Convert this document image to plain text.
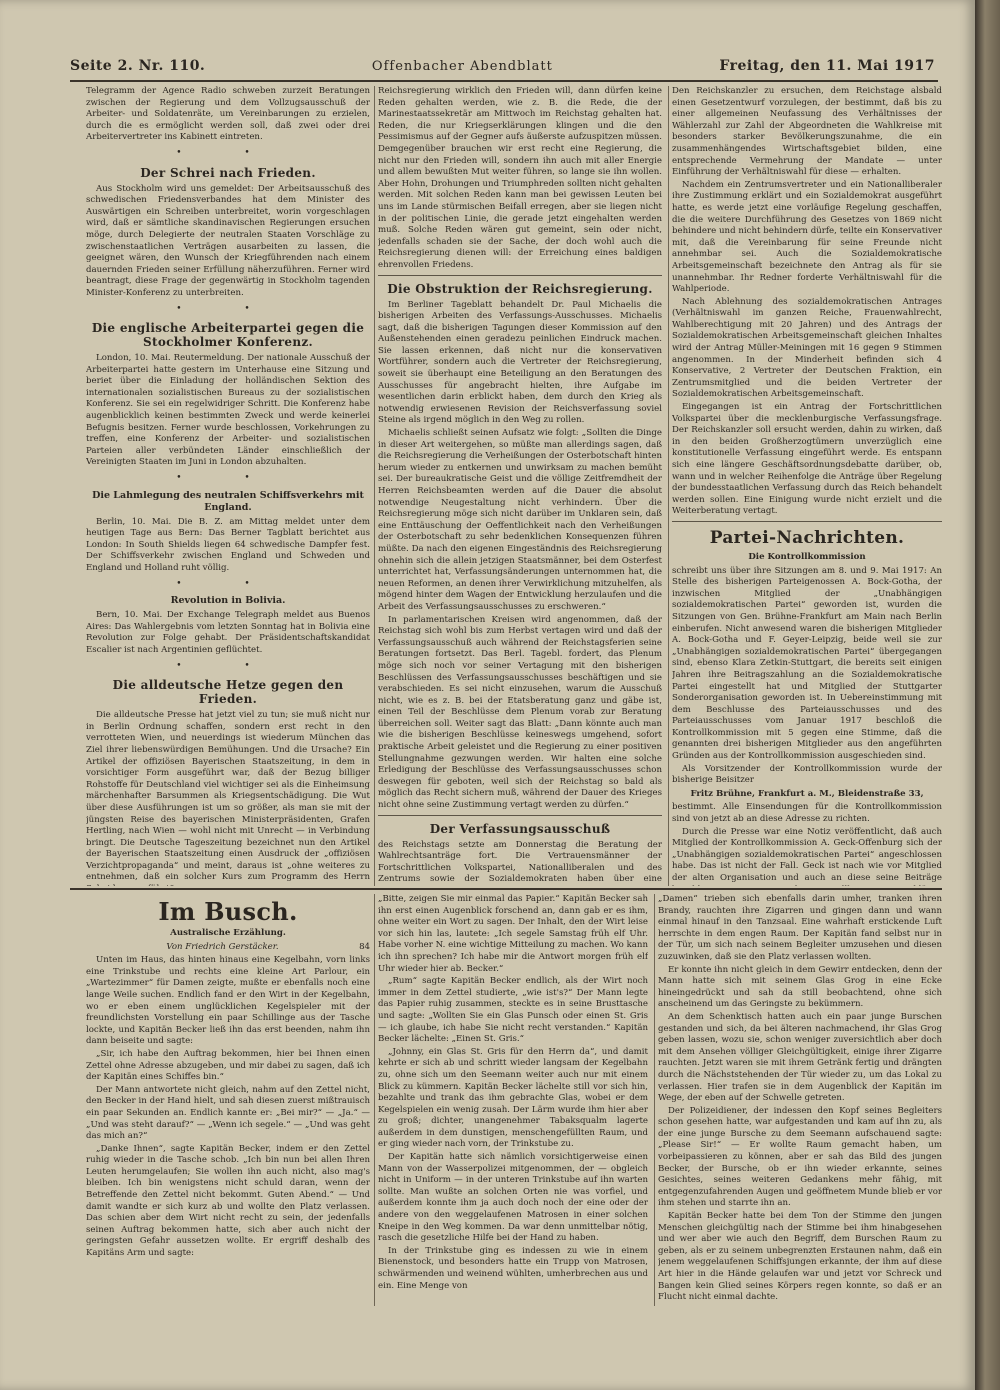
Seite 2. Nr. 110.	Offenbacher Abendblatt	Freitag, den 11. Mai 1917

Telegramm der Agence Radio schweben zurzeit Beratungen zwischen der Regierung und dem Vollzugsausschuß der Arbeiter- und Soldatenräte, um Vereinbarungen zu erzielen, durch die es ermöglicht werden soll, daß zwei oder drei Arbeitervertreter ins Kabinett eintreten.

• •
Der Schrei nach Frieden.

Aus Stockholm wird uns gemeldet: Der Arbeitsausschuß des schwedischen Friedensverbandes hat dem Minister des Auswärtigen ein Schreiben unterbreitet, worin vorgeschlagen wird, daß er sämtliche skandinavischen Regierungen ersuchen möge, durch Delegierte der neutralen Staaten Vorschläge zu zwischenstaatlichen Verträgen ausarbeiten zu lassen, die geeignet wären, den Wunsch der Kriegführenden nach einem dauernden Frieden seiner Erfüllung näherzuführen. Ferner wird beantragt, diese Frage der gegenwärtig in Stockholm tagenden Minister-Konferenz zu unterbreiten.

• •
Die englische Arbeiterpartei gegen die Stockholmer Konferenz.

London, 10. Mai. Reutermeldung. Der nationale Ausschuß der Arbeiterpartei hatte gestern im Unterhause eine Sitzung und beriet über die Einladung der holländischen Sektion des internationalen sozialistischen Bureaus zu der sozialistischen Konferenz. Sie sei ein regelwidriger Schritt. Die Konferenz habe augenblicklich keinen bestimmten Zweck und werde keinerlei Befugnis besitzen. Ferner wurde beschlossen, Vorkehrungen zu treffen, eine Konferenz der Arbeiter- und sozialistischen Parteien aller verbündeten Länder einschließlich der Vereinigten Staaten im Juni in London abzuhalten.

• •
Die Lahmlegung des neutralen Schiffsverkehrs mit England.

Berlin, 10. Mai. Die B. Z. am Mittag meldet unter dem heutigen Tage aus Bern: Das Berner Tagblatt berichtet aus London: In South Shields liegen 64 schwedische Dampfer fest. Der Schiffsverkehr zwischen England und Schweden und England und Holland ruht völlig.

• •
Revolution in Bolivia.

Bern, 10. Mai. Der Exchange Telegraph meldet aus Buenos Aires: Das Wahlergebnis vom letzten Sonntag hat in Bolivia eine Revolution zur Folge gehabt. Der Präsidentschaftskandidat Escalier ist nach Argentinien geflüchtet.

• •
Die alldeutsche Hetze gegen den Frieden.

Die alldeutsche Presse hat jetzt viel zu tun; sie muß nicht nur in Berlin Ordnung schaffen, sondern erst recht in den verrotteten Wien, und neuerdings ist wiederum München das Ziel ihrer liebenswürdigen Bemühungen. Und die Ursache? Ein Artikel der offiziösen Bayerischen Staatszeitung, in dem in vorsichtiger Form ausgeführt war, daß der Bezug billiger Rohstoffe für Deutschland viel wichtiger sei als die Einheimsung märchenhafter Barsummen als Kriegsentschädigung. Die Wut über diese Ausführungen ist um so größer, als man sie mit der jüngsten Reise des bayerischen Ministerpräsidenten, Grafen Hertling, nach Wien — wohl nicht mit Unrecht — in Verbindung bringt. Die Deutsche Tageszeitung bezeichnet nun den Artikel der Bayerischen Staatszeitung einen Ausdruck der „offiziösen Verzichtpropaganda“ und meint, daraus ist „ohne weiteres zu entnehmen, daß ein solcher Kurs zum Programm des Herrn

Reichsregierung wirklich den Frieden will, dann dürfen keine Reden gehalten werden, wie z. B. die Rede, die der Marinestaatssekretär am Mittwoch im Reichstag gehalten hat. Reden, die nur Kriegserklärungen klingen und die den Pessimismus auf der Gegner aufs äußerste aufzuspitzen müssen. Demgegenüber brauchen wir erst recht eine Regierung, die nicht nur den Frieden will, sondern ihn auch mit aller Energie und allem bewußten Mut weiter führen, so lange sie ihn wollen. Aber Hohn, Drohungen und Triumphreden sollten nicht gehalten werden. Mit solchen Reden kann man bei gewissen Leuten bei uns im Lande stürmischen Beifall erregen, aber sie liegen nicht in der politischen Linie, die gerade jetzt eingehalten werden muß. Solche Reden wären gut gemeint, sein oder nicht, jedenfalls schaden sie der Sache, der doch wohl auch die Reichsregierung dienen will: der Erreichung eines baldigen ehrenvollen Friedens.

Die Obstruktion der Reichsregierung.

Im Berliner Tageblatt behandelt Dr. Paul Michaelis die bisherigen Arbeiten des Verfassungs-Ausschusses. Michaelis sagt, daß die bisherigen Tagungen dieser Kommission auf den Außenstehenden einen geradezu peinlichen Eindruck machen. Sie lassen erkennen, daß nicht nur die konservativen Wortführer, sondern auch die Vertreter der Reichsregierung, soweit sie überhaupt eine Beteiligung an den Beratungen des Ausschusses für angebracht hielten, ihre Aufgabe im wesentlichen darin erblickt haben, dem durch den Krieg als notwendig erwiesenen Revision der Reichsverfassung soviel Steine als irgend möglich in den Weg zu rollen.

Michaelis schließt seinen Aufsatz wie folgt: „Sollten die Dinge in dieser Art weitergehen, so müßte man allerdings sagen, daß die Reichsregierung die Verheißungen der Osterbotschaft hinten herum wieder zu entkernen und unwirksam zu machen bemüht sei. Der bureaukratische Geist und die völlige Zeitfremdheit der Herren Reichsbeamten werden auf die Dauer die absolut notwendige Neugestaltung nicht verhindern. Über die Reichsregierung möge sich nicht darüber im Unklaren sein, daß eine Enttäuschung der Oeffentlichkeit nach den Verheißungen der Osterbotschaft zu sehr bedenklichen Konsequenzen führen müßte. Da nach den eigenen Eingeständnis des Reichsregierung ohnehin sich die allein jetzigen Staatsmänner, bei dem Osterfest unterrichtet hat, Verfassungsänderungen unternommen hat, die neuen Reformen, an denen ihrer Verwirklichung mitzuhelfen, als mögend hinter dem Wagen der Entwicklung herzulaufen und die Arbeit des Verfassungsausschusses zu erschweren.“

In parlamentarischen Kreisen wird angenommen, daß der Reichstag sich wohl bis zum Herbst vertagen wird und daß der Verfassungsausschuß auch während der Reichstagsferien seine Beratungen fortsetzt. Das Berl. Tagebl. fordert, das Plenum möge sich noch vor seiner Vertagung mit den bisherigen Beschlüssen des Verfassungsausschusses beschäftigen und sie verabschieden. Es sei nicht einzusehen, warum die Ausschuß nicht, wie es z. B. bei der Etatsberatung ganz und gäbe ist, einen Teil der Beschlüsse dem Plenum vorab zur Beratung überreichen soll. Weiter sagt das Blatt: „Dann könnte auch man wie die bisherigen Beschlüsse keineswegs umgehend, sofort praktische Arbeit geleistet und die Regierung zu einer positiven Stellungnahme gezwungen werden. Wir halten eine solche Erledigung der Beschlüsse des Verfassungsausschusses schon deswegen für geboten, weil sich der Reichstag so bald als möglich das Recht sichern muß, während der Dauer des Krieges nicht ohne seine Zustimmung vertagt werden zu dürfen.“

Der Verfassungsausschuß

des Reichstags setzte am Donnerstag die Beratung der Wahlrechtsanträge fort. Die Vertrauensmänner der Fortschrittlichen Volkspartei, Nationalliberalen und des Zentrums sowie der Sozialdemokraten haben über eine

Den Reichskanzler zu ersuchen, dem Reichstage alsbald einen Gesetzentwurf vorzulegen, der bestimmt, daß bis zu einer allgemeinen Neufassung des Verhältnisses der Wählerzahl zur Zahl der Abgeordneten die Wahlkreise mit besonders starker Bevölkerungszunahme, die ein zusammenhängendes Wirtschaftsgebiet bilden, eine entsprechende Vermehrung der Mandate — unter Einführung der Verhältniswahl für diese — erhalten.

Nachdem ein Zentrumsvertreter und ein Nationalliberaler ihre Zustimmung erklärt und ein Sozialdemokrat ausgeführt hatte, es werde jetzt eine vorläufige Regelung geschaffen, die die weitere Durchführung des Gesetzes von 1869 nicht behindere und nicht behindern dürfe, teilte ein Konservativer mit, daß die Vereinbarung für seine Freunde nicht annehmbar sei. Auch die Sozialdemokratische Arbeitsgemeinschaft bezeichnete den Antrag als für sie unannehmbar. Ihr Redner forderte Verhältniswahl für die Wahlperiode.

Nach Ablehnung des sozialdemokratischen Antrages (Verhältniswahl im ganzen Reiche, Frauenwahlrecht, Wahlberechtigung mit 20 Jahren) und des Antrags der Sozialdemokratischen Arbeitsgemeinschaft gleichen Inhaltes wird der Antrag Müller-Meiningen mit 16 gegen 9 Stimmen angenommen. In der Minderheit befinden sich 4 Konservative, 2 Vertreter der Deutschen Fraktion, ein Zentrumsmitglied und die beiden Vertreter der Sozialdemokratischen Arbeitsgemeinschaft.

Eingegangen ist ein Antrag der Fortschrittlichen Volkspartei über die mecklenburgische Verfassungsfrage. Der Reichskanzler soll ersucht werden, dahin zu wirken, daß in den beiden Großherzogtümern unverzüglich eine konstitutionelle Verfassung eingeführt werde. Es entspann sich eine längere Geschäftsordnungsdebatte darüber, ob, wann und in welcher Reihenfolge die Anträge über Regelung der bundesstaatlichen Verfassung durch das Reich behandelt werden sollen. Eine Einigung wurde nicht erzielt und die Weiterberatung vertagt.

Partei-Nachrichten.
Die Kontrollkommission

schreibt uns über ihre Sitzungen am 8. und 9. Mai 1917: An Stelle des bisherigen Parteigenossen A. Bock-Gotha, der inzwischen Mitglied der „Unabhängigen sozialdemokratischen Partei“ geworden ist, wurden die Sitzungen von Gen. Brühne-Frankfurt am Main nach Berlin einberufen. Nicht anwesend waren die bisherigen Mitglieder A. Bock-Gotha und F. Geyer-Leipzig, beide weil sie zur „Unabhängigen sozialdemokratischen Partei“ übergegangen sind, ebenso Klara Zetkin-Stuttgart, die bereits seit einigen Jahren ihre Beitragszahlung an die Sozialdemokratische Partei eingestellt hat und Mitglied der Stuttgarter Sonderorganisation geworden ist. In Uebereinstimmung mit dem Beschlusse des Parteiausschusses und des Parteiausschusses vom Januar 1917 beschloß die Kontrollkommission mit 5 gegen eine Stimme, daß die genannten drei bisherigen Mitglieder aus den angeführten Gründen aus der Kontrollkommission ausgeschieden sind.

Als Vorsitzender der Kontrollkommission wurde der bisherige Beisitzer

Fritz Brühne, Frankfurt a. M., Bleidenstraße 33,

bestimmt. Alle Einsendungen für die Kontrollkommission sind von jetzt ab an diese Adresse zu richten.

Durch die Presse war eine Notiz veröffentlicht, daß auch Mitglied der Kontrollkommission A. Geck-Offenburg sich der „Unabhängigen sozialdemokratischen Partei“ angeschlossen habe. Das ist nicht der Fall. Geck ist nach wie vor Mitglied der alten Organisation und auch an diese seine Beiträge

Im Busch.
Australische Erzählung.
Von Friedrich Gerstäcker.	84

Unten im Haus, das hinten hinaus eine Kegelbahn, vorn links eine Trinkstube und rechts eine kleine Art Parlour, ein „Wartezimmer“ für Damen zeigte, mußte er ebenfalls noch eine lange Weile suchen. Endlich fand er den Wirt in der Kegelbahn, wo er eben einem unglücklichen Kegelspieler mit der freundlichsten Vorstellung ein paar Schillinge aus der Tasche lockte, und Kapitän Becker ließ ihn das erst beenden, nahm ihn dann beiseite und sagte:

„Sir, ich habe den Auftrag bekommen, hier bei Ihnen einen Zettel ohne Adresse abzugeben, und mir dabei zu sagen, daß ich der Kapitän eines Schiffes bin.“

Der Mann antwortete nicht gleich, nahm auf den Zettel nicht, den Becker in der Hand hielt, und sah diesen zuerst mißtrauisch ein paar Sekunden an. Endlich kannte er: „Bei mir?“ — „Ja.“ — „Und was steht darauf?“ — „Wenn ich segele.“ — „Und was geht das mich an?“

„Danke Ihnen“, sagte Kapitän Becker, indem er den Zettel ruhig wieder in die Tasche schob. „Ich bin nun bei allen Ihren Leuten herumgelaufen; Sie wollen ihn auch nicht, also mag's bleiben. Ich bin wenigstens nicht schuld daran, wenn der Betreffende den Zettel nicht bekommt. Guten Abend.“ — Und damit wandte er sich kurz ab und wollte den Platz verlassen. Das schien aber dem Wirt nicht recht zu sein, der jedenfalls seinen Auftrag bekommen hatte, sich aber auch nicht der geringsten Gefahr aussetzen wollte. Er ergriff deshalb des Kapitäns Arm und sagte:

„Bitte, zeigen Sie mir einmal das Papier.“ Kapitän Becker sah ihn erst einen Augenblick forschend an, dann gab er es ihm, ohne weiter ein Wort zu sagen. Der Inhalt, den der Wirt leise vor sich hin las, lautete: „Ich segele Samstag früh elf Uhr. Habe vorher N. eine wichtige Mitteilung zu machen. Wo kann ich ihn sprechen? Ich habe mir die Antwort morgen früh elf Uhr wieder hier ab. Becker.“

„Rum“ sagte Kapitän Becker endlich, als der Wirt noch immer in dem Zettel studierte, „wie ist's?“ Der Mann legte das Papier ruhig zusammen, steckte es in seine Brusttasche und sagte: „Wollten Sie ein Glas Punsch oder einen St. Gris — ich glaube, ich habe Sie nicht recht verstanden.“ Kapitän Becker lächelte: „Einen St. Gris.“

„Johnny, ein Glas St. Gris für den Herrn da“, und damit kehrte er sich ab und schritt wieder langsam der Kegelbahn zu, ohne sich um den Seemann weiter auch nur mit einem Blick zu kümmern. Kapitän Becker lächelte still vor sich hin, bezahlte und trank das ihm gebrachte Glas, wobei er dem Kegelspielen ein wenig zusah. Der Lärm wurde ihm hier aber zu groß; dichter, unangenehmer Tabaksqualm lagerte außerdem in dem dunstigen, menschengefüllten Raum, und er ging wieder nach vorn, der Trinkstube zu.

Der Kapitän hatte sich nämlich vorsichtigerweise einen Mann von der Wasserpolizei mitgenommen, der — obgleich nicht in Uniform — in der unteren Trinkstube auf ihn warten sollte. Man wußte an solchen Orten nie was vorfiel, und außerdem konnte ihm ja auch doch noch der eine oder der andere von den weggelaufenen Matrosen in einer solchen Kneipe in den Weg kommen. Da war denn unmittelbar nötig, rasch die gesetzliche Hilfe bei der Hand zu haben.

In der Trinkstube ging es indessen zu wie in einem Bienenstock, und besonders hatte ein Trupp von Matrosen, schwärmenden und weinend wühlten, umherbrechen aus und ein. Eine Menge von

„Damen“ trieben sich ebenfalls darin umher, tranken ihren Brandy, rauchten ihre Zigarren und gingen dann und wann einmal hinauf in den Tanzsaal. Eine wahrhaft erstickende Luft herrschte in dem engen Raum. Der Kapitän fand selbst nur in der Tür, um sich nach seinem Begleiter umzusehen und diesen zuzuwinken, daß sie den Platz verlassen wollten.

Er konnte ihn nicht gleich in dem Gewirr entdecken, denn der Mann hatte sich mit seinem Glas Grog in eine Ecke hineingedrückt und sah da still beobachtend, ohne sich anscheinend um das Geringste zu bekümmern.

An dem Schenktisch hatten auch ein paar junge Burschen gestanden und sich, da bei älteren nachmachend, ihr Glas Grog geben lassen, wozu sie, schon weniger zuversichtlich aber doch mit dem Ansehen völliger Gleichgültigkeit, einige ihrer Zigarre rauchten. Jetzt waren sie mit ihrem Getränk fertig und drängten durch die Nächststehenden der Tür wieder zu, um das Lokal zu verlassen. Hier trafen sie in dem Augenblick der Kapitän im Wege, der eben auf der Schwelle getreten.

Der Polizeidiener, der indessen den Kopf seines Begleiters schon gesehen hatte, war aufgestanden und kam auf ihn zu, als der eine junge Bursche zu dem Seemann aufschauend sagte: „Please Sir!“ — Er wollte Raum gemacht haben, um vorbeipassieren zu können, aber er sah das Bild des jungen Becker, der Bursche, ob er ihn wieder erkannte, seines Gesichtes, seines weiteren Gedankens mehr fähig, mit entgegenzufahrenden Augen und geöffnetem Munde blieb er vor ihm stehen und starrte ihn an.

Kapitän Becker hatte bei dem Ton der Stimme den jungen Menschen gleichgültig nach der Stimme bei ihm hinabgesehen und wer aber wie auch den Begriff, dem Burschen Raum zu geben, als er zu seinem unbegrenzten Erstaunen nahm, daß ein jenem weggelaufenen Schiffsjungen erkannte, der ihm auf diese Art hier in die Hände gelaufen war und jetzt vor Schreck und Bangen kein Glied seines Körpers regen konnte, so daß er an Flucht nicht einmal dachte.
